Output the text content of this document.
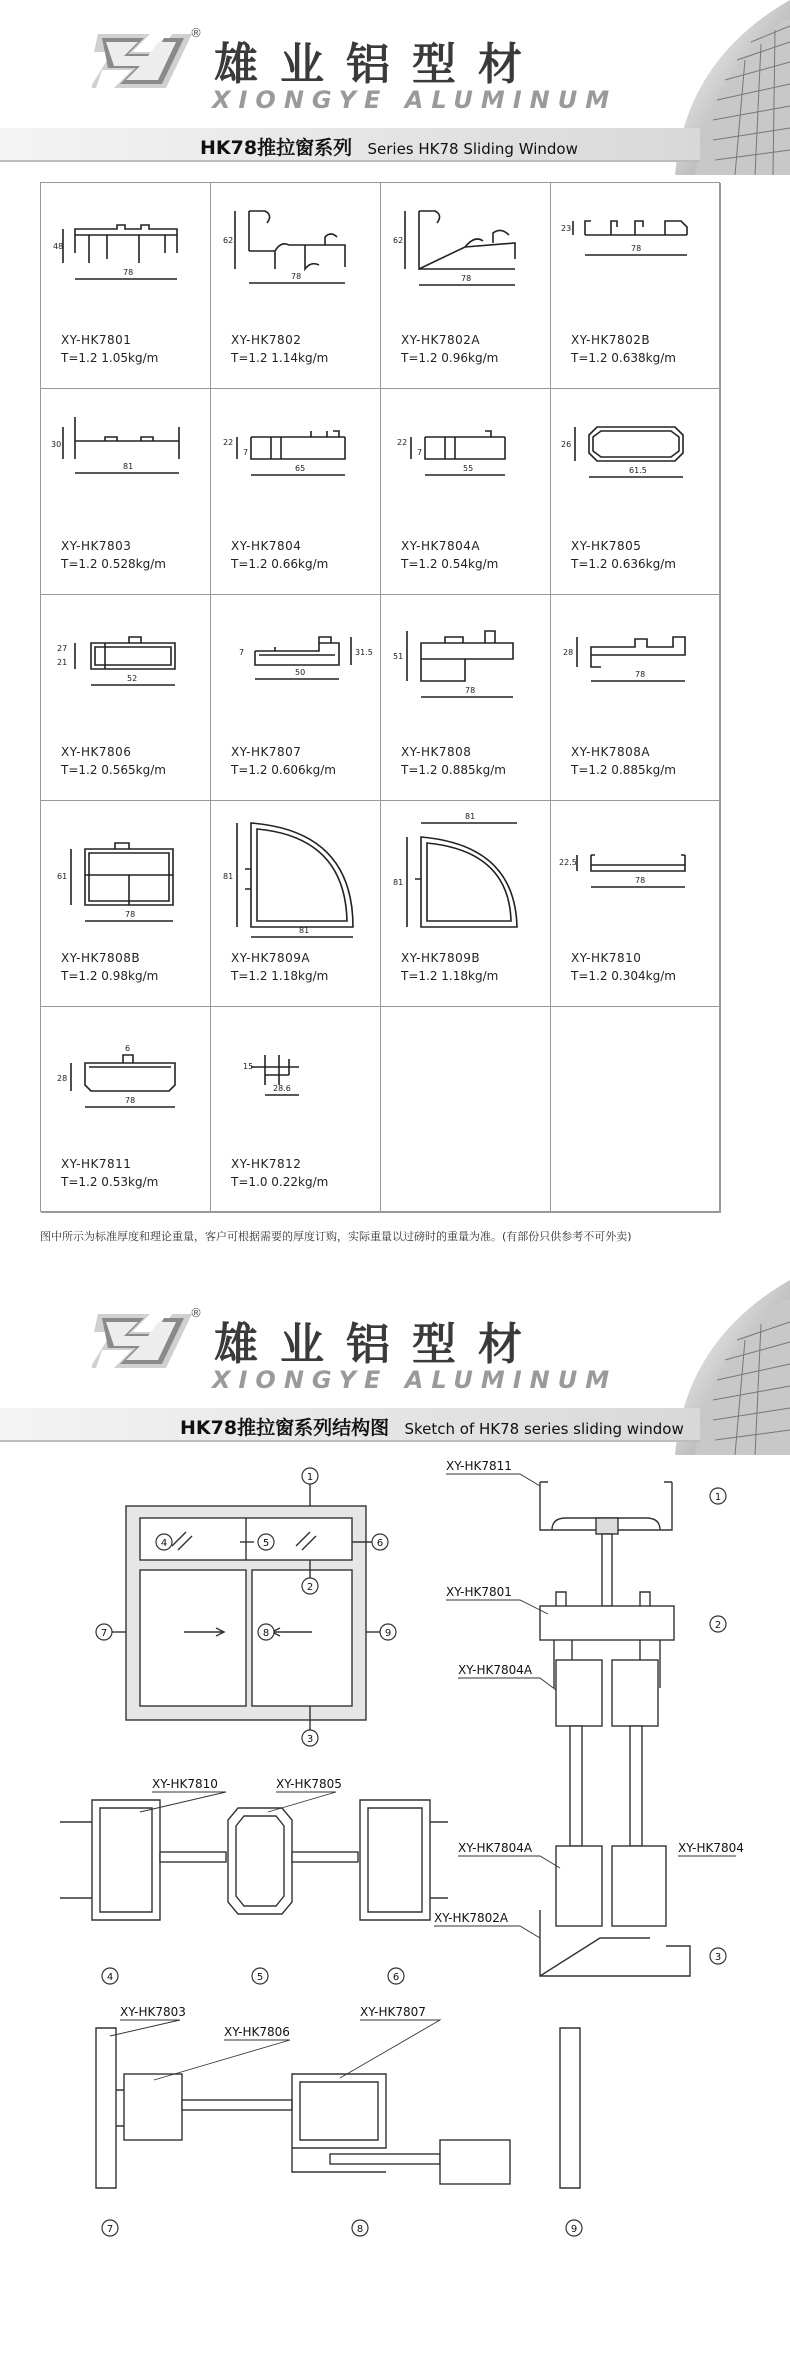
®
雄业铝型材
XIONGYE ALUMINUM
HK78推拉窗系列 Series HK78 Sliding Window
48
78
XY-HK7801
T=1.2 1.05kg/m
62
78
XY-HK7802
T=1.2 1.14kg/m
62
78
XY-HK7802A
T=1.2 0.96kg/m
23
78
XY-HK7802B
T=1.2 0.638kg/m
30
81
XY-HK7803
T=1.2 0.528kg/m
22
7
65
XY-HK7804
T=1.2 0.66kg/m
22
7
55
XY-HK7804A
T=1.2 0.54kg/m
26
61.5
XY-HK7805
T=1.2 0.636kg/m
27
21
52
XY-HK7806
T=1.2 0.565kg/m
7	31.5
50
XY-HK7807
T=1.2 0.606kg/m
51
78
XY-HK7808
T=1.2 0.885kg/m
28
78
XY-HK7808A
T=1.2 0.885kg/m
61
78
XY-HK7808B
T=1.2 0.98kg/m
81
81
XY-HK7809A
T=1.2 1.18kg/m
81
81
XY-HK7809B
T=1.2 1.18kg/m
22.5
78
XY-HK7810
T=1.2 0.304kg/m
6
28
78
XY-HK7811
T=1.2 0.53kg/m
15
28.6
XY-HK7812
T=1.0 0.22kg/m
图中所示为标准厚度和理论重量，客户可根据需要的厚度订购，实际重量以过磅时的重量为准。(有部份只供参考不可外卖)
®
雄业铝型材
XIONGYE ALUMINUM
HK78推拉窗系列结构图 Sketch of HK78 series sliding window
1
2
3
4	5	6
7	8	9
1
2
3
4	5	6
7	8	9
XY-HK7811
XY-HK7801
XY-HK7804A
XY-HK7804A	XY-HK7804
XY-HK7802A
XY-HK7810	XY-HK7805
XY-HK7803
XY-HK7806
XY-HK7807
